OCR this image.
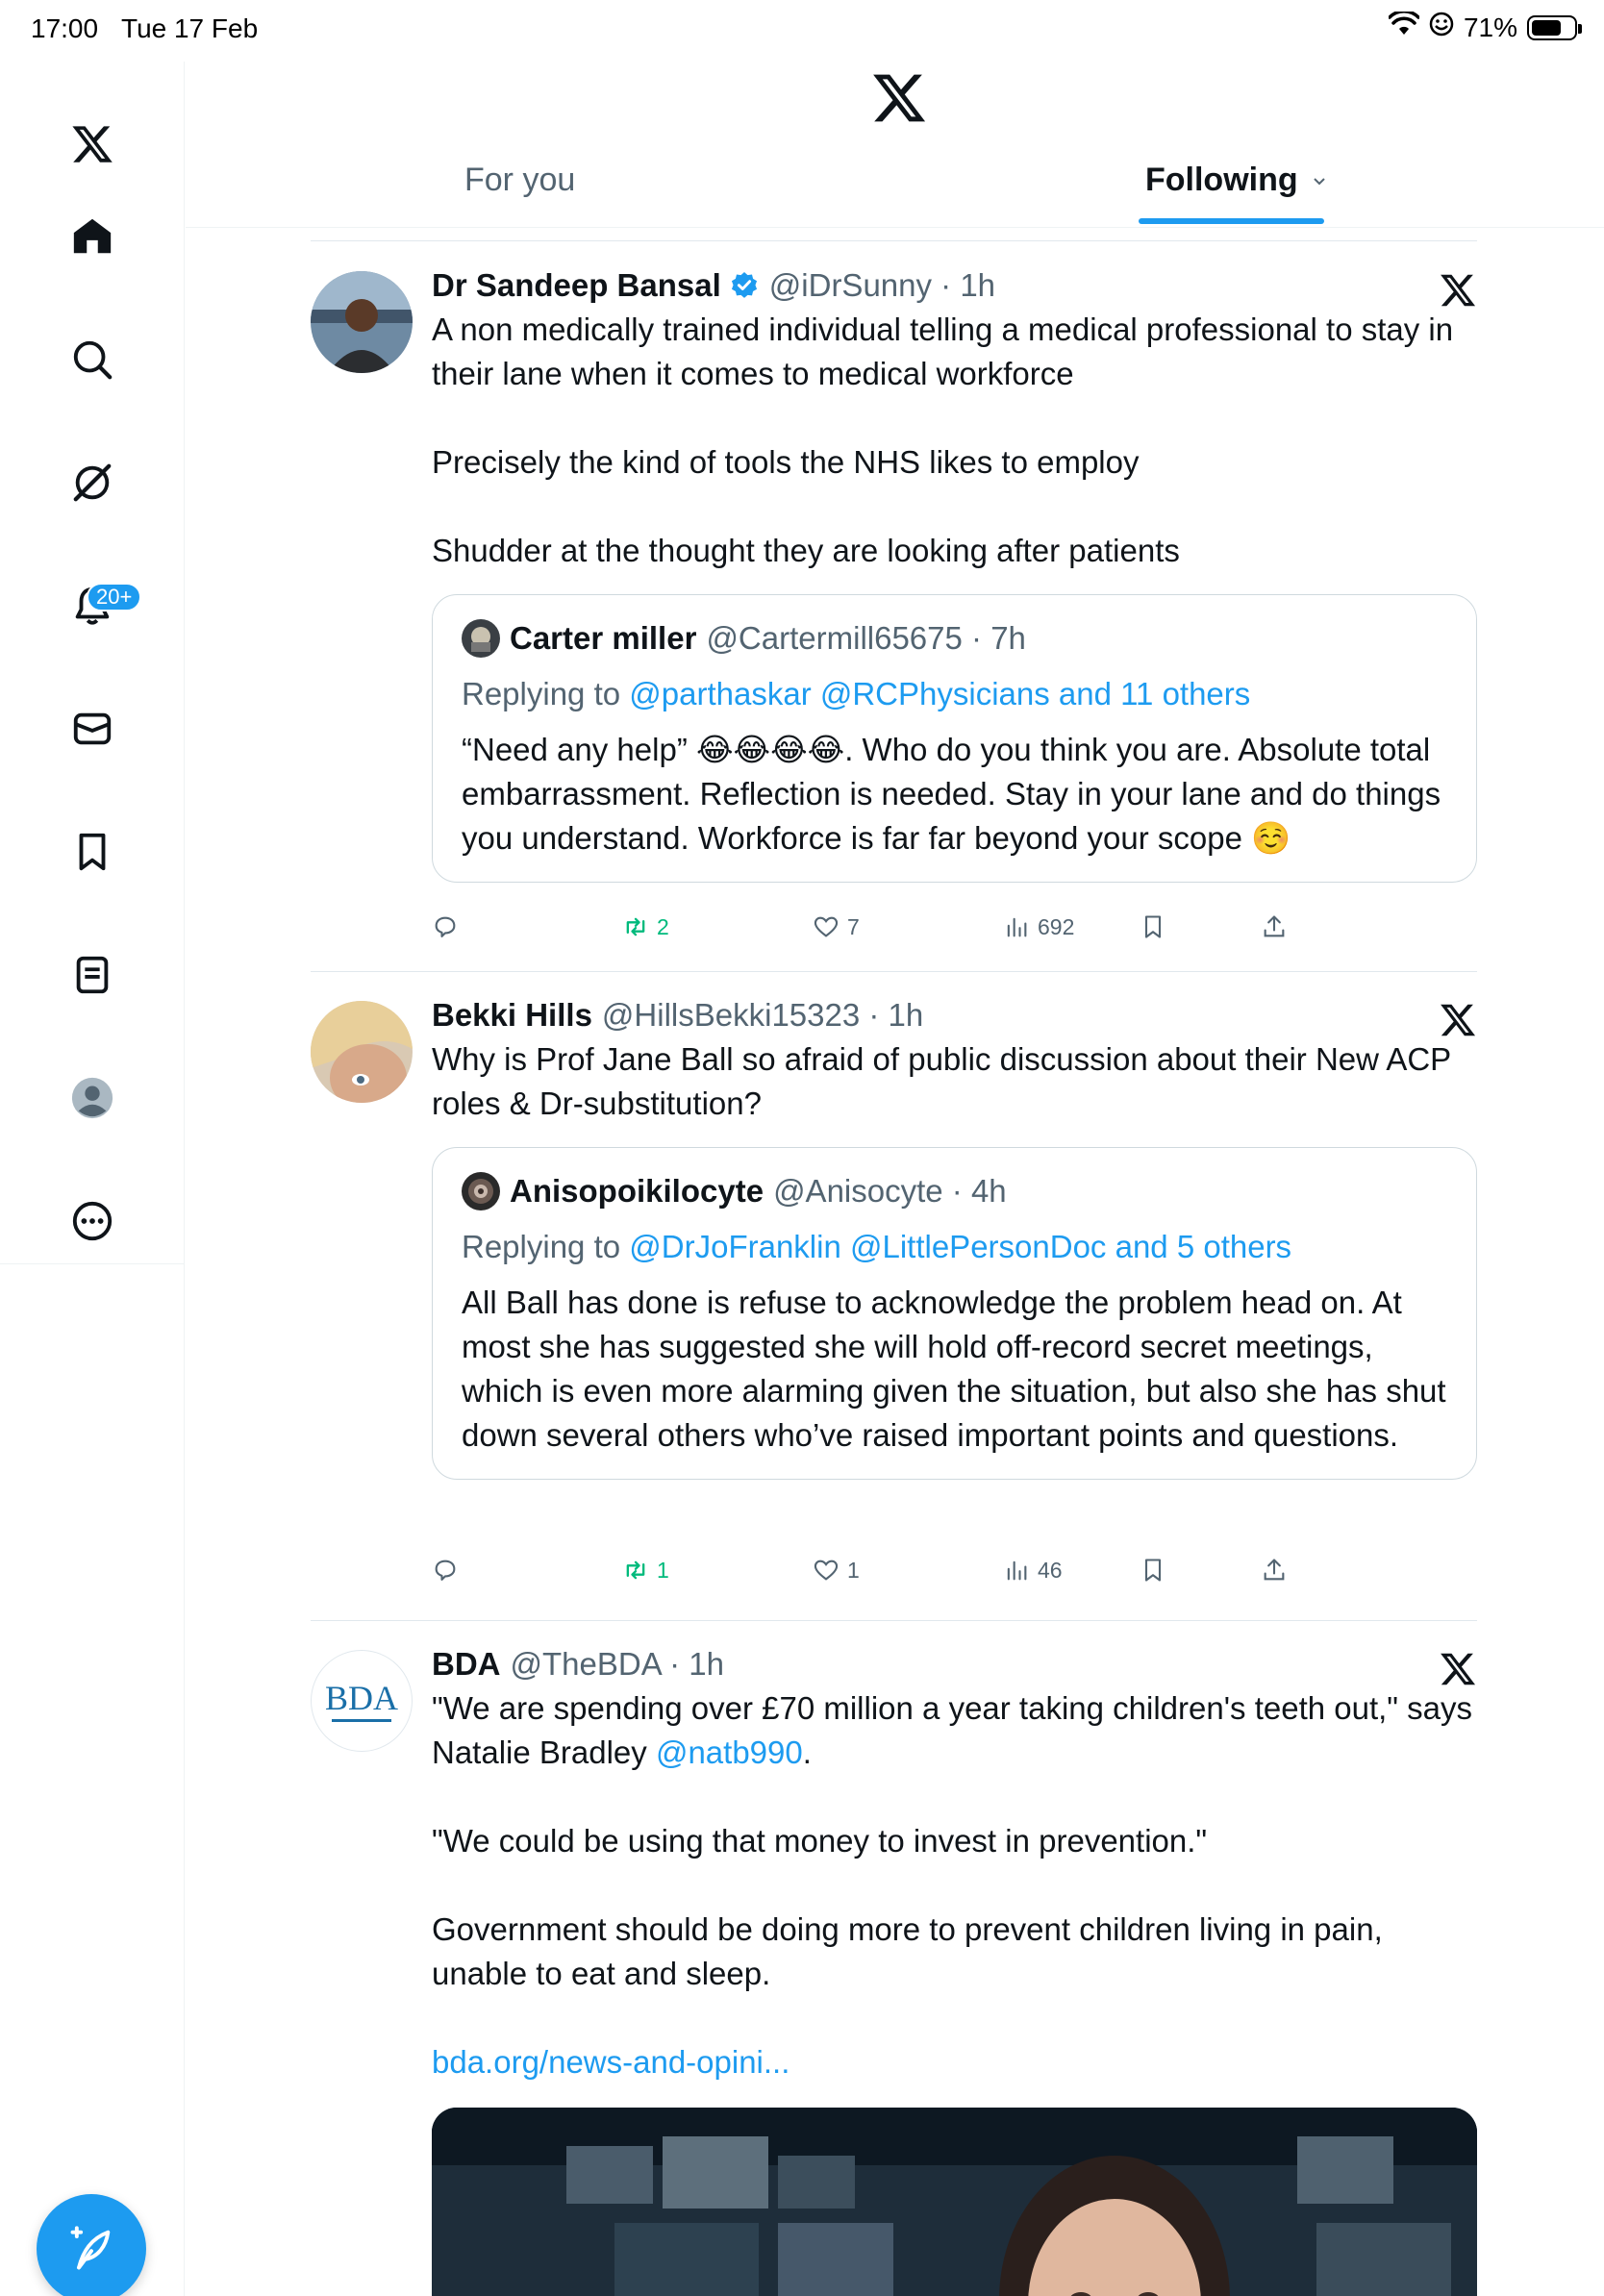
17:00 Tue 17 Feb	71%
20+
For you	Following
Dr Sandeep Bansal @iDrSunny · 1h
A non medically trained individual telling a medical professional to stay in their lane when it comes to medical workforce

Precisely the kind of tools the NHS likes to employ

Shudder at the thought they are looking after patients
Carter miller @Cartermill65675 · 7h
Replying to @parthaskar @RCPhysicians and 11 others
“Need any help” 😂😂😂😂. Who do you think you are. Absolute total embarrassment. Reflection is needed. Stay in your lane and do things you understand. Workforce is far far beyond your scope ☺️
2	7	692
Bekki Hills @HillsBekki15323 · 1h
Why is Prof Jane Ball so afraid of public discussion about their New ACP roles & Dr-substitution?
Anisopoikilocyte @Anisocyte · 4h
Replying to @DrJoFranklin @LittlePersonDoc and 5 others
All Ball has done is refuse to acknowledge the problem head on. At most she has suggested she will hold off-record secret meetings, which is even more alarming given the situation, but also she has shut down several others who’ve raised important points and questions.
1	1	46
BDA
BDA @TheBDA · 1h
"We are spending over £70 million a year taking children's teeth out," says Natalie Bradley @natb990.

"We could be using that money to invest in prevention."

Government should be doing more to prevent children living in pain, unable to eat and sleep.
bda.org/news-and-opini...
